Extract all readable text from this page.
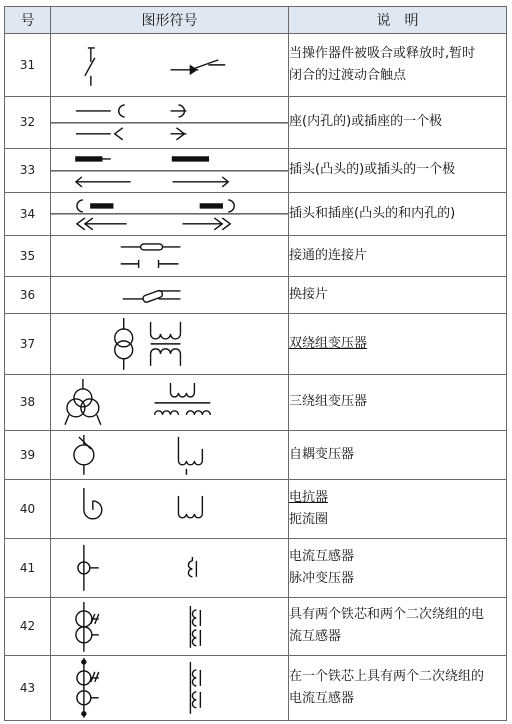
号	图形符号	说　明
31		当操作器件被吸合或释放时,暂时
闭合的过渡动合触点

32		座(内孔的)或插座的一个极

33		插头(凸头的)或插头的一个极

34		插头和插座(凸头的和内孔的)

35		接通的连接片

36		换接片

37		双绕组变压器

38		三绕组变压器

39		自耦变压器

40		电抗器
扼流圈

41		电流互感器
脉冲变压器

42		具有两个铁芯和两个二次绕组的电
流互感器

43		在一个铁芯上具有两个二次绕组的
电流互感器
